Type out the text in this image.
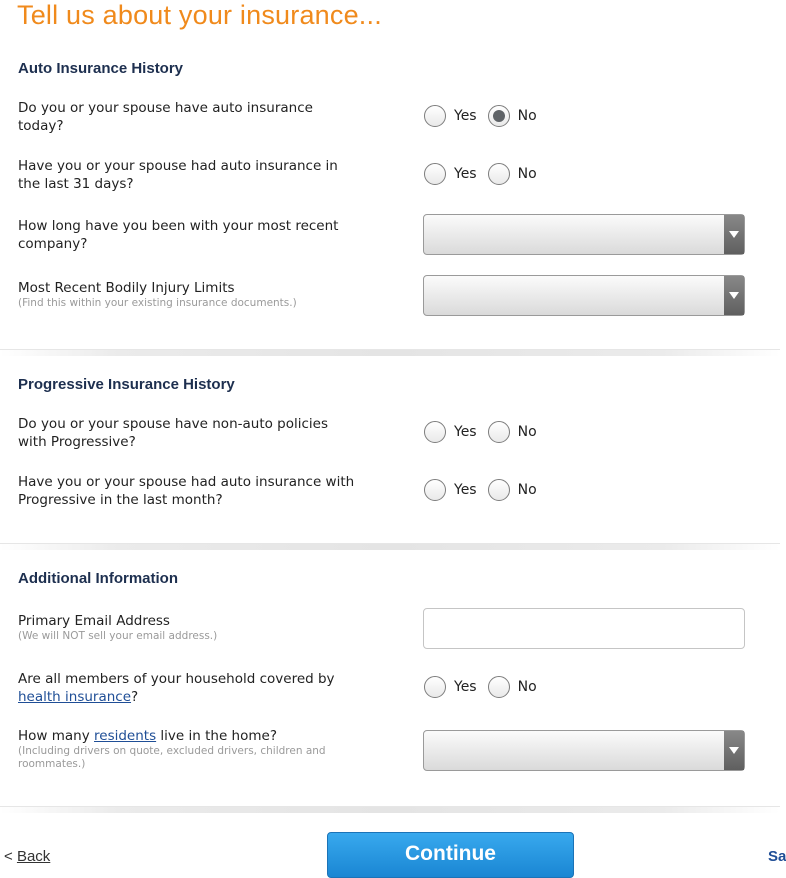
Tell us about your insurance...
Auto Insurance History
Do you or your spouse have auto insurance today?
Yes	No
Have you or your spouse had auto insurance in the last 31 days?
Yes	No
How long have you been with your most recent company?
Most Recent Bodily Injury Limits
(Find this within your existing insurance documents.)
Progressive Insurance History
Do you or your spouse have non-auto policies with Progressive?
Yes	No
Have you or your spouse had auto insurance with Progressive in the last month?
Yes	No
Additional Information
Primary Email Address
(We will NOT sell your email address.)
Are all members of your household covered by health insurance?
Yes	No
How many residents live in the home?
(Including drivers on quote, excluded drivers, children and roommates.)
< Back	Continue	Sa
